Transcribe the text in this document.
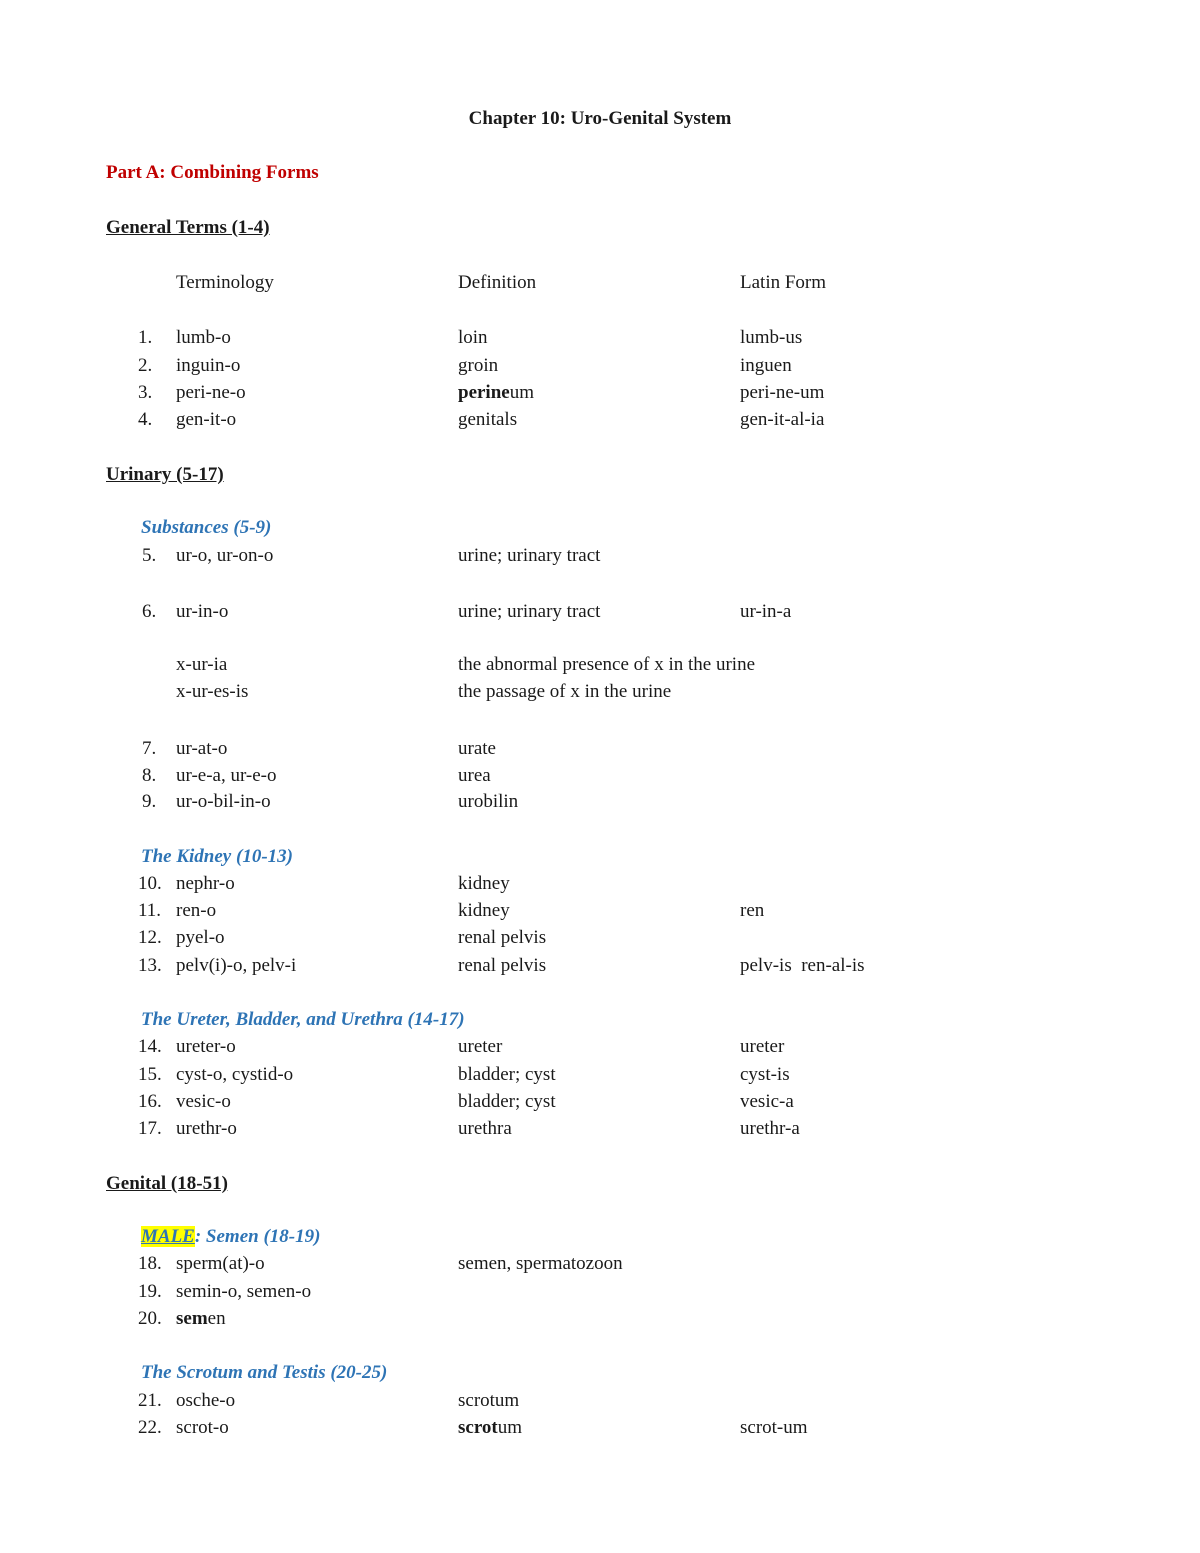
Chapter 10: Uro-Genital System
Part A: Combining Forms
General Terms (1-4)
Terminology	Definition	Latin Form
1. lumb-o	loin	lumb-us
2. inguin-o	groin	inguen
3. peri-ne-o	perineum	peri-ne-um
4. gen-it-o	genitals	gen-it-al-ia
Urinary (5-17)
Substances (5-9)
5. ur-o, ur-on-o	urine; urinary tract
6. ur-in-o	urine; urinary tract	ur-in-a
x-ur-ia	the abnormal presence of x in the urine
x-ur-es-is	the passage of x in the urine
7. ur-at-o	urate
8. ur-e-a, ur-e-o	urea
9. ur-o-bil-in-o	urobilin
The Kidney (10-13)
10. nephr-o	kidney
11. ren-o	kidney	ren
12. pyel-o	renal pelvis
13. pelv(i)-o, pelv-i	renal pelvis	pelv-is  ren-al-is
The Ureter, Bladder, and Urethra (14-17)
14. ureter-o	ureter	ureter
15. cyst-o, cystid-o	bladder; cyst	cyst-is
16. vesic-o	bladder; cyst	vesic-a
17. urethr-o	urethra	urethr-a
Genital (18-51)
MALE: Semen (18-19)
18. sperm(at)-o	semen, spermatozoon
19. semin-o, semen-o
20. semen
The Scrotum and Testis (20-25)
21. osche-o	scrotum
22. scrot-o	scrotum	scrot-um
